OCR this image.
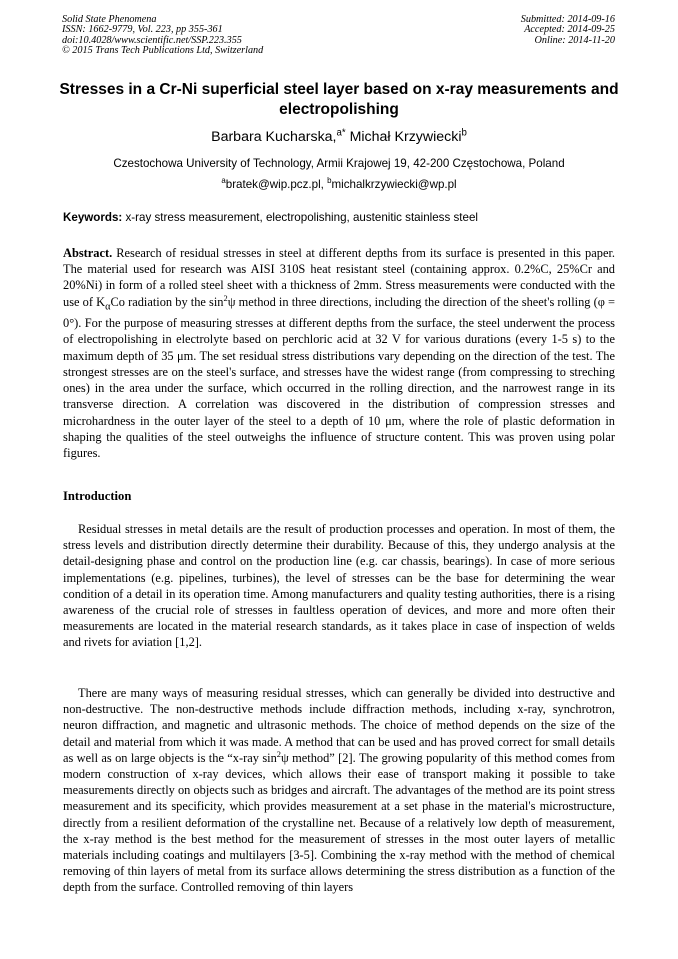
Solid State Phenomena
ISSN: 1662-9779, Vol. 223, pp 355-361
doi:10.4028/www.scientific.net/SSP.223.355
© 2015 Trans Tech Publications Ltd, Switzerland
Submitted: 2014-09-16
Accepted: 2014-09-25
Online: 2014-11-20
Stresses in a Cr-Ni superficial steel layer based on x-ray measurements and electropolishing
Barbara Kucharska,$^{a*}$ Michał Krzywiecki$^b$
Czestochowa University of Technology, Armii Krajowej 19, 42-200 Częstochowa, Poland
$^a$bratek@wip.pcz.pl, $^b$michalkrzywiecki@wp.pl
Keywords: x-ray stress measurement, electropolishing, austenitic stainless steel
Abstract. Research of residual stresses in steel at different depths from its surface is presented in this paper. The material used for research was AISI 310S heat resistant steel (containing approx. 0.2%C, 25%Cr and 20%Ni) in form of a rolled steel sheet with a thickness of 2mm. Stress measurements were conducted with the use of $K_\alpha Co$ radiation by the $\sin^2\psi$ method in three directions, including the direction of the sheet's rolling (φ = 0°). For the purpose of measuring stresses at different depths from the surface, the steel underwent the process of electropolishing in electrolyte based on perchloric acid at 32 V for various durations (every 1-5 s) to the maximum depth of 35 μm. The set residual stress distributions vary depending on the direction of the test. The strongest stresses are on the steel's surface, and stresses have the widest range (from compressing to streching ones) in the area under the surface, which occurred in the rolling direction, and the narrowest range in its transverse direction. A correlation was discovered in the distribution of compression stresses and microhardness in the outer layer of the steel to a depth of 10 μm, where the role of plastic deformation in shaping the qualities of the steel outweighs the influence of structure content. This was proven using polar figures.
Introduction
Residual stresses in metal details are the result of production processes and operation. In most of them, the stress levels and distribution directly determine their durability. Because of this, they undergo analysis at the detail-designing phase and control on the production line (e.g. car chassis, bearings). In case of more serious implementations (e.g. pipelines, turbines), the level of stresses can be the base for determining the wear condition of a detail in its operation time. Among manufacturers and quality testing authorities, there is a rising awareness of the crucial role of stresses in faultless operation of devices, and more and more often their measurements are located in the material research standards, as it takes place in case of inspection of welds and rivets for aviation [1,2].
There are many ways of measuring residual stresses, which can generally be divided into destructive and non-destructive. The non-destructive methods include diffraction methods, including x-ray, synchrotron, neuron diffraction, and magnetic and ultrasonic methods. The choice of method depends on the size of the detail and material from which it was made. A method that can be used and has proved correct for small details as well as on large objects is the “x-ray $\sin^2\psi$ method” [2]. The growing popularity of this method comes from modern construction of x-ray devices, which allows their ease of transport making it possible to take measurements directly on objects such as bridges and aircraft. The advantages of the method are its point stress measurement and its specificity, which provides measurement at a set phase in the material's microstructure, directly from a resilient deformation of the crystalline net. Because of a relatively low depth of measurement, the x-ray method is the best method for the measurement of stresses in the most outer layers of metallic materials including coatings and multilayers [3-5]. Combining the x-ray method with the method of chemical removing of thin layers of metal from its surface allows determining the stress distribution as a function of the depth from the surface. Controlled removing of thin layers
